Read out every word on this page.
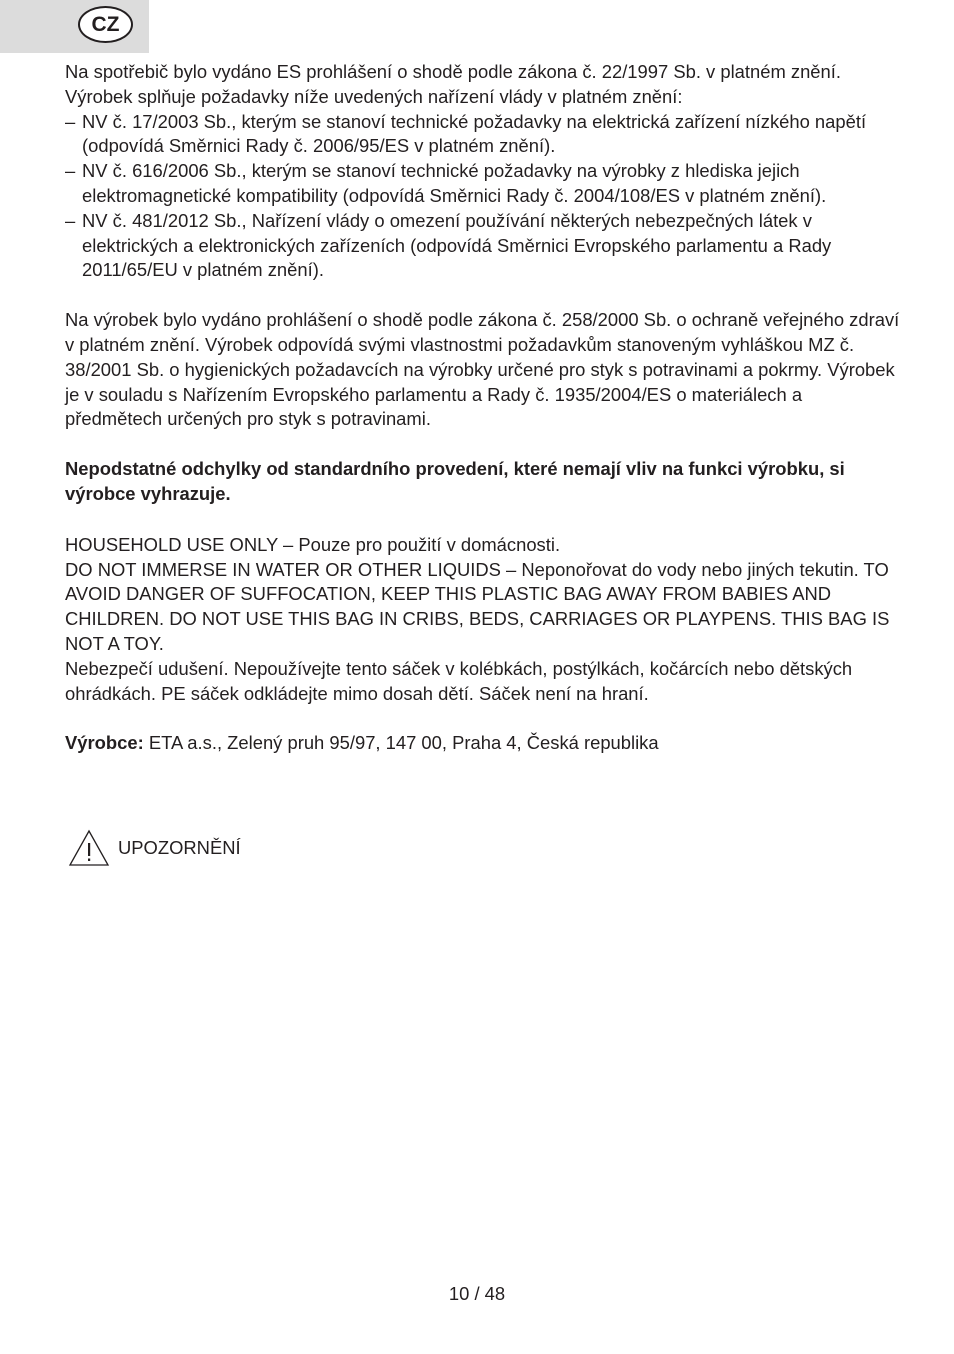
CZ

Na spotřebič bylo vydáno ES prohlášení o shodě podle zákona č. 22/1997 Sb. v platném znění. Výrobek splňuje požadavky níže uvedených nařízení vlády v platném znění:

– NV č. 17/2003 Sb., kterým se stanoví technické požadavky na elektrická zařízení nízkého napětí (odpovídá Směrnici Rady č. 2006/95/ES v platném znění).

– NV č. 616/2006 Sb., kterým se stanoví technické požadavky na výrobky z hlediska jejich elektromagnetické kompatibility (odpovídá Směrnici Rady č. 2004/108/ES v platném znění).

– NV č. 481/2012 Sb., Nařízení vlády o omezení používání některých nebezpečných látek v elektrických a elektronických zařízeních (odpovídá Směrnici Evropského parlamentu a Rady 2011/65/EU v platném znění).

Na výrobek bylo vydáno prohlášení o shodě podle zákona č. 258/2000 Sb. o ochraně veřejného zdraví v platném znění. Výrobek odpovídá svými vlastnostmi požadavkům stanoveným vyhláškou MZ č. 38/2001 Sb. o hygienických požadavcích na výrobky určené pro styk s potravinami a pokrmy. Výrobek je v souladu s Nařízením Evropského parlamentu a Rady č. 1935/2004/ES o materiálech a předmětech určených pro styk s potravinami.

Nepodstatné odchylky od standardního provedení, které nemají vliv na funkci výrobku, si výrobce vyhrazuje.

HOUSEHOLD USE ONLY – Pouze pro použití v domácnosti.

DO NOT IMMERSE IN WATER OR OTHER LIQUIDS – Neponořovat do vody nebo jiných tekutin. TO AVOID DANGER OF SUFFOCATION, KEEP THIS PLASTIC BAG AWAY FROM BABIES AND CHILDREN. DO NOT USE THIS BAG IN CRIBS, BEDS, CARRIAGES OR PLAYPENS. THIS BAG IS NOT A TOY.

Nebezpečí udušení. Nepoužívejte tento sáček v kolébkách, postýlkách, kočárcích nebo dětských ohrádkách. PE sáček odkládejte mimo dosah dětí. Sáček není na hraní.

Výrobce: ETA a.s., Zelený pruh 95/97, 147 00, Praha 4, Česká republika

UPOZORNĚNÍ
10 / 48
